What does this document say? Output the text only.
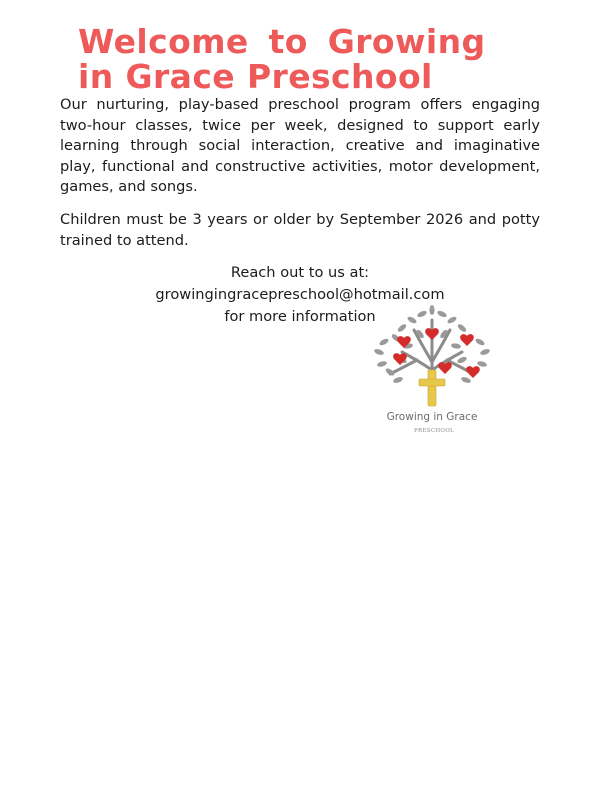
Welcome to Growing
in Grace Preschool

Our nurturing, play-based preschool program offers engaging two-hour classes, twice per week, designed to support early learning through social interaction, creative and imaginative play, functional and constructive activities, motor development, games, and songs.

Children must be 3 years or older by September 2026 and potty trained to attend.

Reach out to us at:
growingingracepreschool@hotmail.com
for more information
Growing in Grace
PRESCHOOL
